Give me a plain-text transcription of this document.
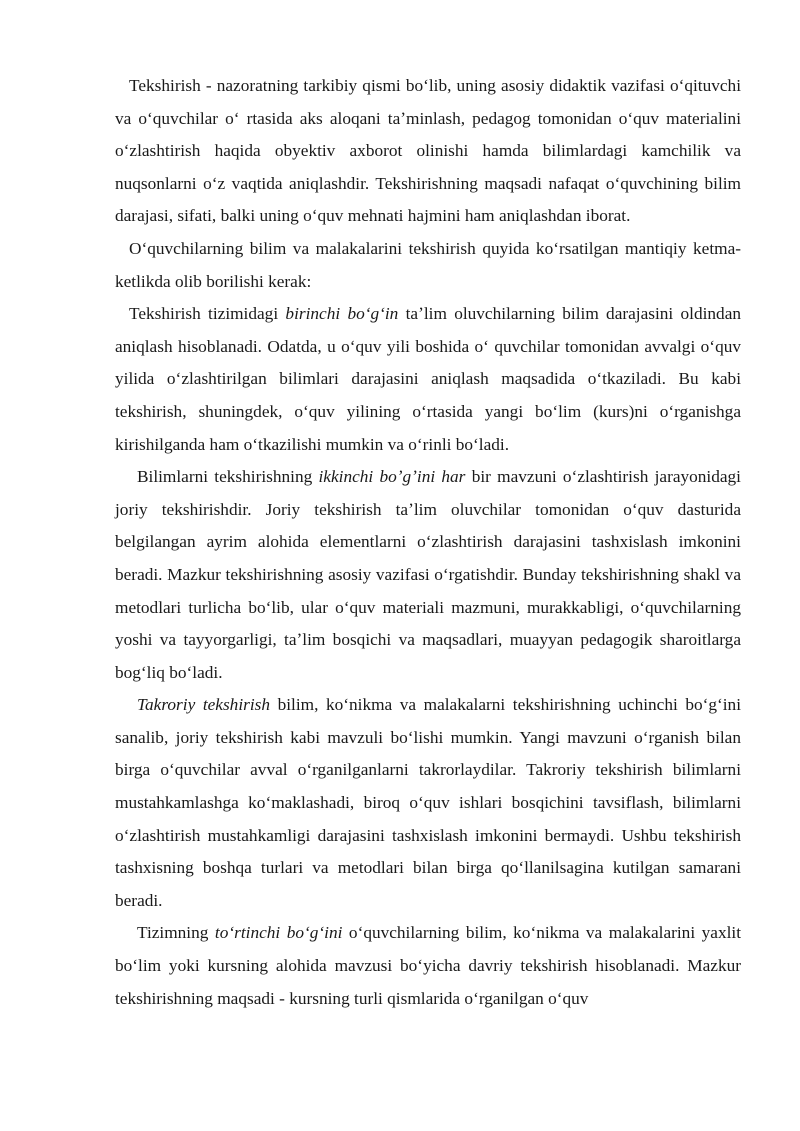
Tekshirish - nazoratning tarkibiy qismi boʻlib, uning asosiy didaktik vazifasi oʻqituvchi va oʻquvchilar oʻ rtasida aks aloqani taʼminlash, pedagog tomonidan oʻquv materialini oʻzlashtirish haqida obyektiv axborot olinishi hamda bilimlardagi kamchilik va nuqsonlarni oʻz vaqtida aniqlashdir. Tekshirishning maqsadi nafaqat oʻquvchining bilim darajasi, sifati, balki uning oʻquv mehnati hajmini ham aniqlashdan iborat.

Oʻquvchilarning bilim va malakalarini tekshirish quyida koʻrsatilgan mantiqiy ketma-ketlikda olib borilishi kerak:

Tekshirish tizimidagi birinchi boʻgʻin taʼlim oluvchilarning bilim darajasini oldindan aniqlash hisoblanadi. Odatda, u oʻquv yili boshida oʻ quvchilar tomonidan avvalgi oʻquv yilida oʻzlashtirilgan bilimlari darajasini aniqlash maqsadida oʻtkaziladi. Bu kabi tekshirish, shuningdek, oʻquv yilining oʻrtasida yangi boʻlim (kurs)ni oʻrganishga kirishilganda ham oʻtkazilishi mumkin va oʻrinli boʻladi.

Bilimlarni tekshirishning ikkinchi boʼgʼini har bir mavzuni oʻzlashtirish jarayonidagi joriy tekshirishdir. Joriy tekshirish taʼlim oluvchilar tomonidan oʻquv dasturida belgilangan ayrim alohida elementlarni oʻzlashtirish darajasini tashxislash imkonini beradi. Mazkur tekshirishning asosiy vazifasi oʻrgatishdir. Bunday tekshirishning shakl va metodlari turlicha boʻlib, ular oʻquv materiali mazmuni, murakkabligi, oʻquvchilarning yoshi va tayyorgarligi, taʼlim bosqichi va maqsadlari, muayyan pedagogik sharoitlarga bogʻliq boʻladi.

Takroriy tekshirish bilim, koʻnikma va malakalarni tekshirishning uchinchi boʻgʻini sanalib, joriy tekshirish kabi mavzuli boʻlishi mumkin. Yangi mavzuni oʻrganish bilan birga oʻquvchilar avval oʻrganilganlarni takrorlaydilar. Takroriy tekshirish bilimlarni mustahkamlashga koʻmaklashadi, biroq oʻquv ishlari bosqichini tavsiflash, bilimlarni oʻzlashtirish mustahkamligi darajasini tashxislash imkonini bermaydi. Ushbu tekshirish tashxisning boshqa turlari va metodlari bilan birga qoʻllanilsagina kutilgan samarani beradi.

Tizimning toʻrtinchi boʻgʻini oʻquvchilarning bilim, koʻnikma va malakalarini yaxlit boʻlim yoki kursning alohida mavzusi boʻyicha davriy tekshirish hisoblanadi. Mazkur tekshirishning maqsadi - kursning turli qismlarida oʻrganilgan oʻquv
